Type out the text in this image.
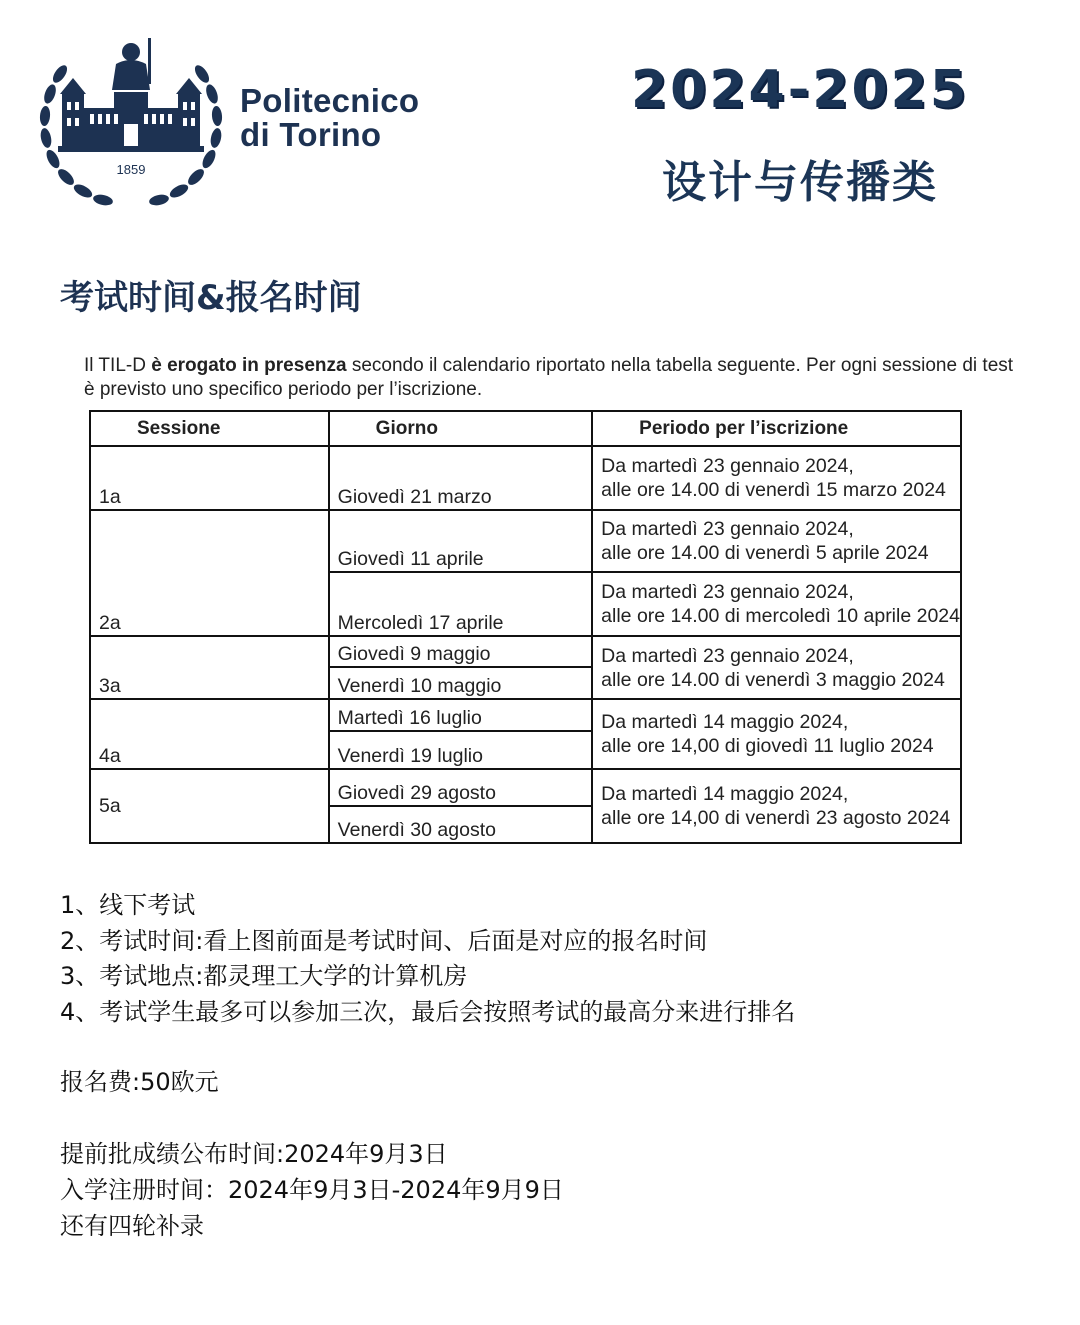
1859
Politecnico
di Torino
2024-2025
设计与传播类
考试时间&报名时间
Il TIL-D è erogato in presenza secondo il calendario riportato nella tabella seguente. Per ogni sessione di test è previsto uno specifico periodo per l’iscrizione.
Sessione	Giorno	Periodo per l’iscrizione
1a	Giovedì 21 marzo	Da martedì 23 gennaio 2024,
alle ore 14.00 di venerdì 15 marzo 2024

2a	Giovedì 11 aprile	Da martedì 23 gennaio 2024,
alle ore 14.00 di venerdì 5 aprile 2024

	Mercoledì 17 aprile	Da martedì 23 gennaio 2024,
alle ore 14.00 di mercoledì 10 aprile 2024

3a	Giovedì 9 maggio	Da martedì 23 gennaio 2024,
alle ore 14.00 di venerdì 3 maggio 2024

	Venerdì 10 maggio	
4a	Martedì 16 luglio	Da martedì 14 maggio 2024,
alle ore 14,00 di giovedì 11 luglio 2024

	Venerdì 19 luglio	
5a	Giovedì 29 agosto	Da martedì 14 maggio 2024,
alle ore 14,00 di venerdì 23 agosto 2024

	Venerdì 30 agosto	
1、线下考试
2、考试时间:看上图前面是考试时间、后面是对应的报名时间
3、考试地点:都灵理工大学的计算机房
4、考试学生最多可以参加三次，最后会按照考试的最高分来进行排名
报名费:50欧元
提前批成绩公布时间:2024年9月3日
入学注册时间：2024年9月3日-2024年9月9日
还有四轮补录
